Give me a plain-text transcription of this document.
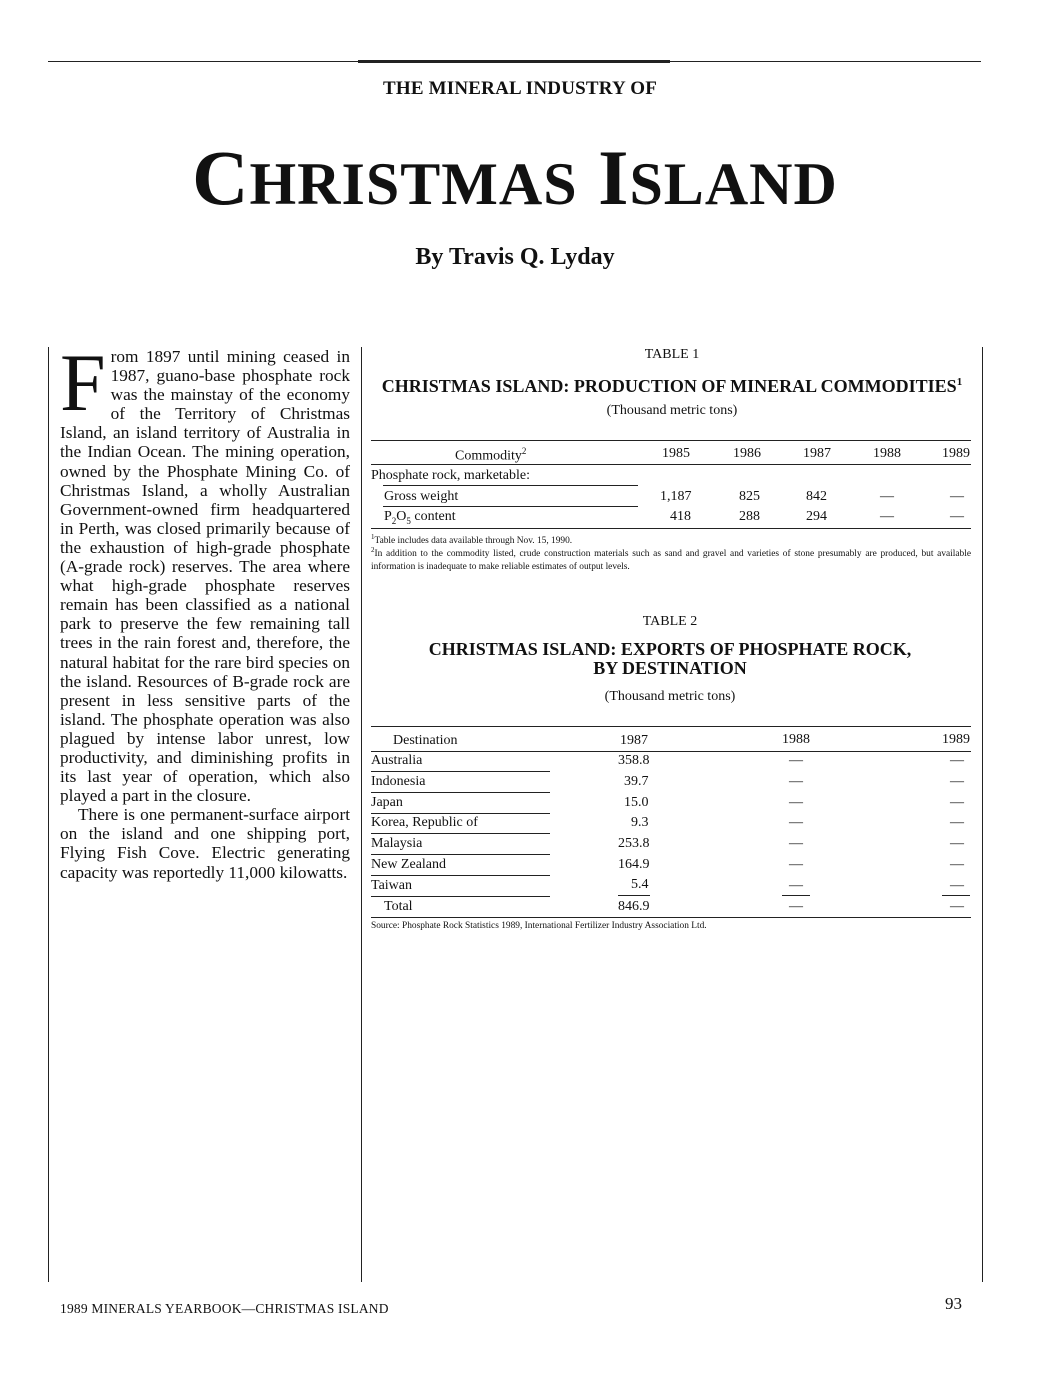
THE MINERAL INDUSTRY OF
CHRISTMAS ISLAND
By Travis Q. Lyday

From 1897 until mining ceased in 1987, guano-base phosphate rock was the mainstay of the economy of the Territory of Christmas Island, an island territory of Australia in the Indian Ocean. The mining operation, owned by the Phosphate Mining Co. of Christmas Island, a wholly Australian Government-owned firm headquartered in Perth, was closed primarily because of the exhaustion of high-grade phosphate (A-grade rock) reserves. The area where what high-grade phosphate reserves remain has been classified as a national park to preserve the few remaining tall trees in the rain forest and, therefore, the natural habitat for the rare bird species on the island. Resources of B-grade rock are present in less sensitive parts of the island. The phosphate operation was also plagued by intense labor unrest, low productivity, and diminishing profits in its last year of operation, which also played a part in the closure.

There is one permanent-surface airport on the island and one shipping port, Flying Fish Cove. Electric generating capacity was reportedly 11,000 kilowatts.

TABLE 1
CHRISTMAS ISLAND: PRODUCTION OF MINERAL COMMODITIES$^1$
(Thousand metric tons)
Commodity$^2$	1985	1986	1987	1988	1989
Phosphate rock, marketable:
Gross weight	1,187	825	842	—	—
$P_2O_5$ content	418	288	294	—	—
$^1$Table includes data available through Nov. 15, 1990.
$^2$In addition to the commodity listed, crude construction materials such as sand and gravel and varieties of stone presumably are produced, but available information is inadequate to make reliable estimates of output levels.
TABLE 2
CHRISTMAS ISLAND: EXPORTS OF PHOSPHATE ROCK,
BY DESTINATION
(Thousand metric tons)
Destination	1987	1988	1989
Australia	358.8	—	—
Indonesia	39.7	—	—
Japan	15.0	—	—
Korea, Republic of	9.3	—	—
Malaysia	253.8	—	—
New Zealand	164.9	—	—
Taiwan	5.4	—	—
Total	846.9	—	—
Source: Phosphate Rock Statistics 1989, International Fertilizer Industry Association Ltd.
1989 MINERALS YEARBOOK—CHRISTMAS ISLAND	93
